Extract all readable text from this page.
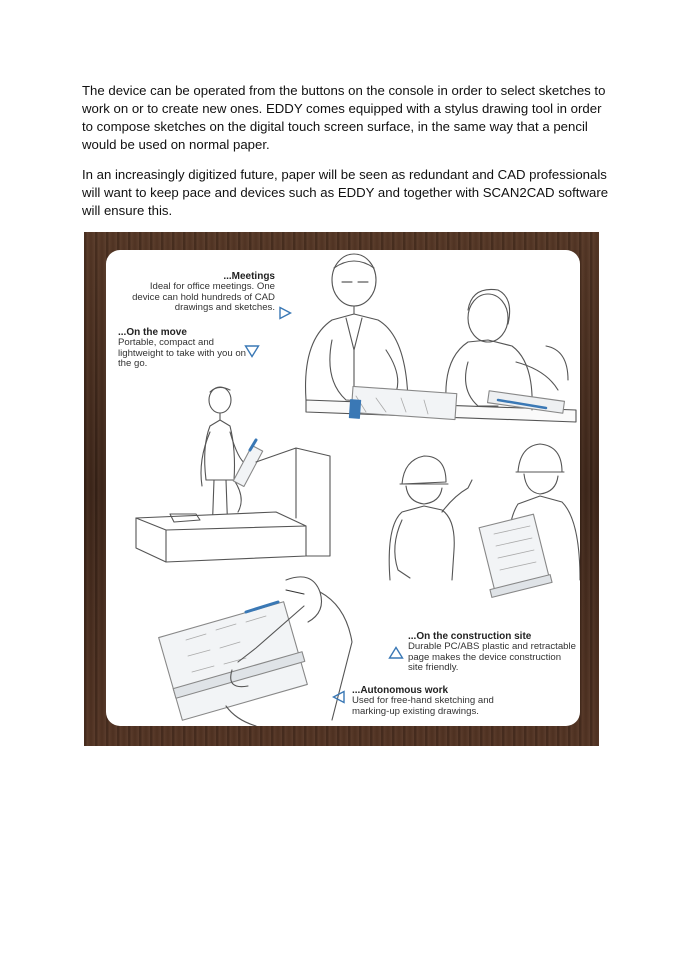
The device can be operated from the buttons on the console in order to select sketches to work on or to create new ones. EDDY comes equipped with a stylus drawing tool in order to compose sketches on the digital touch screen surface, in the same way that a pencil would be used on normal paper.

In an increasingly digitized future, paper will be seen as redundant and CAD professionals will want to keep pace and devices such as EDDY and together with SCAN2CAD software will ensure this.

...Meetings
Ideal for office meetings. One device can hold hundreds of CAD drawings and sketches.
...On the move
Portable, compact and lightweight to take with you on the go.
...On the construction site
Durable PC/ABS plastic and retractable page makes the device construction site friendly.
...Autonomous work
Used for free-hand sketching and marking-up existing drawings.
